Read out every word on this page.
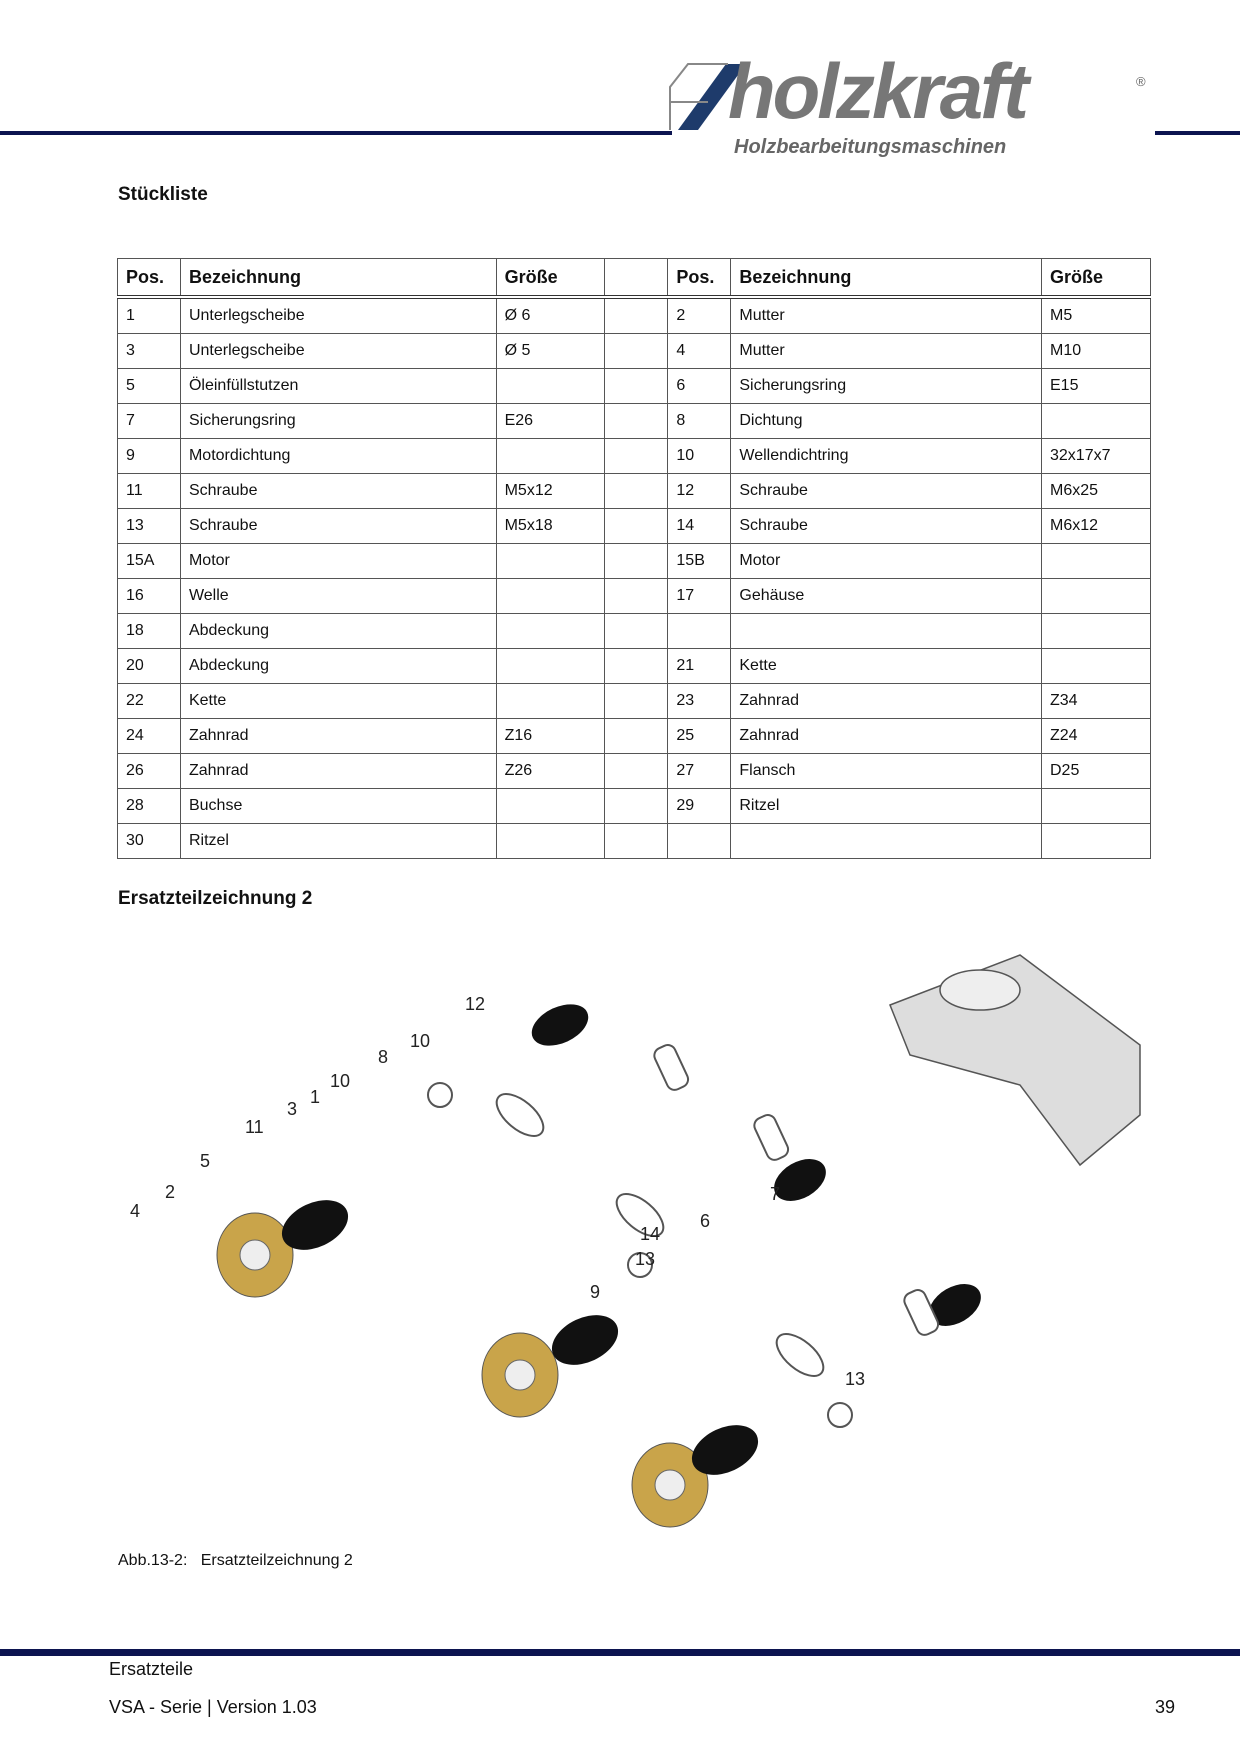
holzkraft	®
Holzbearbeitungsmaschinen
Stückliste
Pos.	Bezeichnung	Größe		Pos.	Bezeichnung	Größe
1	Unterlegscheibe	Ø 6		2	Mutter	M5
3	Unterlegscheibe	Ø 5		4	Mutter	M10
5	Öleinfüllstutzen			6	Sicherungsring	E15
7	Sicherungsring	E26		8	Dichtung	
9	Motordichtung			10	Wellendichtring	32x17x7
11	Schraube	M5x12		12	Schraube	M6x25
13	Schraube	M5x18		14	Schraube	M6x12
15A	Motor			15B	Motor	
16	Welle			17	Gehäuse	
18	Abdeckung					
20	Abdeckung			21	Kette	
22	Kette			23	Zahnrad	Z34
24	Zahnrad	Z16		25	Zahnrad	Z24
26	Zahnrad	Z26		27	Flansch	D25
28	Buchse			29	Ritzel	
30	Ritzel					
Ersatzteilzeichnung 2
12
10
8
10
1
3
11
5
2
4
7
6
14
13
9
13
Abb.13-2: Ersatzteilzeichnung 2
Ersatzteile
VSA - Serie | Version 1.03	39
